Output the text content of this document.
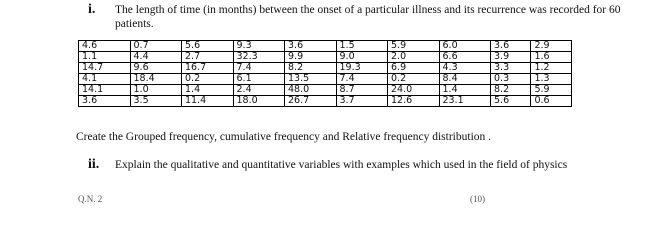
i. The length of time (in months) between the onset of a particular illness and its recurrence was recorded for 60 patients.
4.6	0.7	5.6	9.3	3.6	1.5	5.9	6.0	3.6	2.9
1.1	4.4	2.7	32.3	9.9	9.0	2.0	6.6	3.9	1.6
14.7	9.6	16.7	7.4	8.2	19.3	6.9	4.3	3.3	1.2
4.1	18.4	0.2	6.1	13.5	7.4	0.2	8.4	0.3	1.3
14.1	1.0	1.4	2.4	48.0	8.7	24.0	1.4	8.2	5.9
3.6	3.5	11.4	18.0	26.7	3.7	12.6	23.1	5.6	0.6
Create the Grouped frequency, cumulative frequency and Relative frequency distribution .
ii. Explain the qualitative and quantitative variables with examples which used in the field of physics
Q.N. 2	(10)
